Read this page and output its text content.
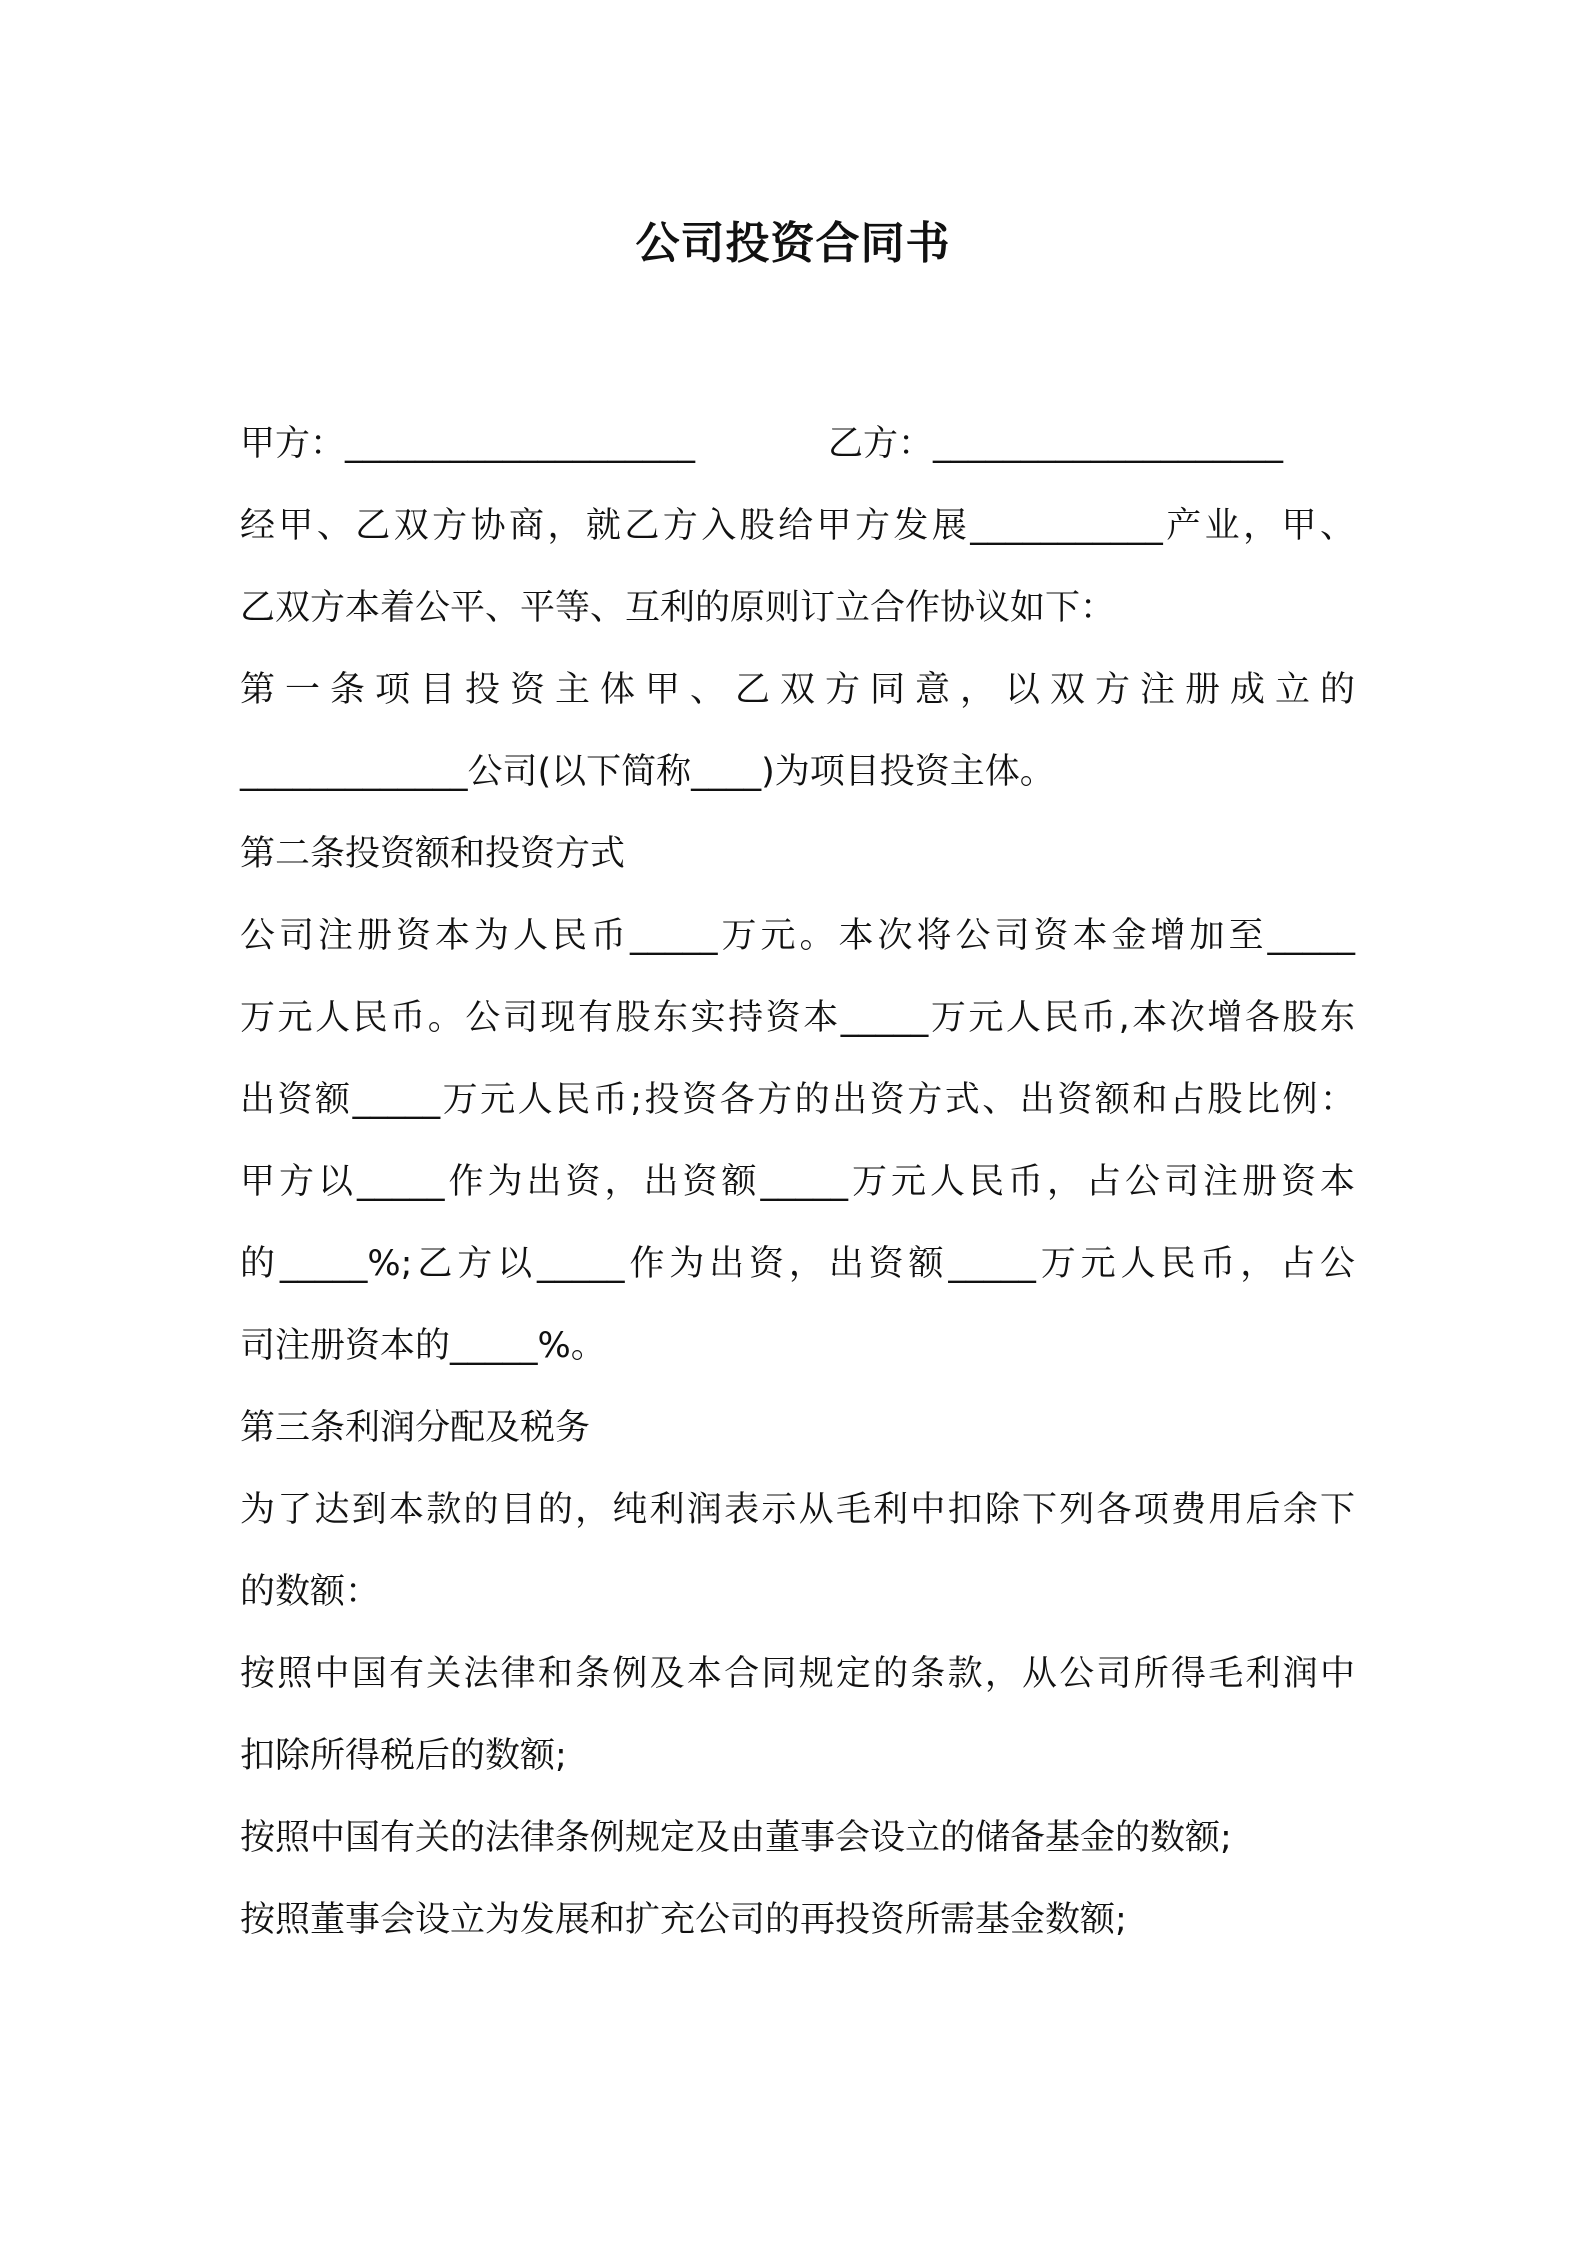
公司投资合同书
甲方：____________________	乙方：____________________
经甲、乙双方协商，就乙方入股给甲方发展___________产业，甲、
乙双方本着公平、平等、互利的原则订立合作协议如下：
第一条项目投资主体甲、乙双方同意，以双方注册成立的
_____________公司(以下简称____)为项目投资主体。
第二条投资额和投资方式
公司注册资本为人民币_____万元。本次将公司资本金增加至_____
万元人民币。公司现有股东实持资本_____万元人民币,本次增各股东
出资额_____万元人民币;投资各方的出资方式、出资额和占股比例：
甲方以_____作为出资，出资额_____万元人民币，占公司注册资本
的_____%;乙方以_____作为出资，出资额_____万元人民币，占公
司注册资本的_____%。
第三条利润分配及税务
为了达到本款的目的，纯利润表示从毛利中扣除下列各项费用后余下
的数额：
按照中国有关法律和条例及本合同规定的条款，从公司所得毛利润中
扣除所得税后的数额;
按照中国有关的法律条例规定及由董事会设立的储备基金的数额;
按照董事会设立为发展和扩充公司的再投资所需基金数额;
